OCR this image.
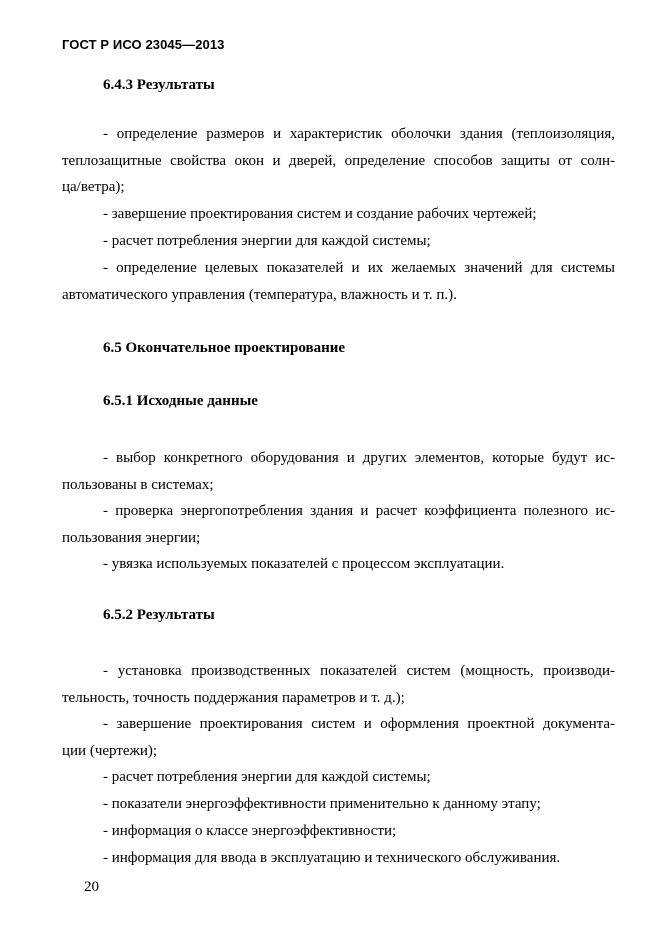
ГОСТ Р ИСО 23045—2013

6.4.3 Результаты
- определение размеров и характеристик оболочки здания (теплоизоляция,
теплозащитные свойства окон и дверей, определение способов защиты от солн-
ца/ветра);
- завершение проектирования систем и создание рабочих чертежей;
- расчет потребления энергии для каждой системы;
- определение целевых показателей и их желаемых значений для системы
автоматического управления (температура, влажность и т. п.).
6.5 Окончательное проектирование
6.5.1 Исходные данные
- выбор конкретного оборудования и других элементов, которые будут ис-
пользованы в системах;
- проверка энергопотребления здания и расчет коэффициента полезного ис-
пользования энергии;
- увязка используемых показателей с процессом эксплуатации.
6.5.2 Результаты
- установка производственных показателей систем (мощность, производи-
тельность, точность поддержания параметров и т. д.);
- завершение проектирования систем и оформления проектной документа-
ции (чертежи);
- расчет потребления энергии для каждой системы;
- показатели энергоэффективности применительно к данному этапу;
- информация о классе энергоэффективности;
- информация для ввода в эксплуатацию и технического обслуживания.

20
